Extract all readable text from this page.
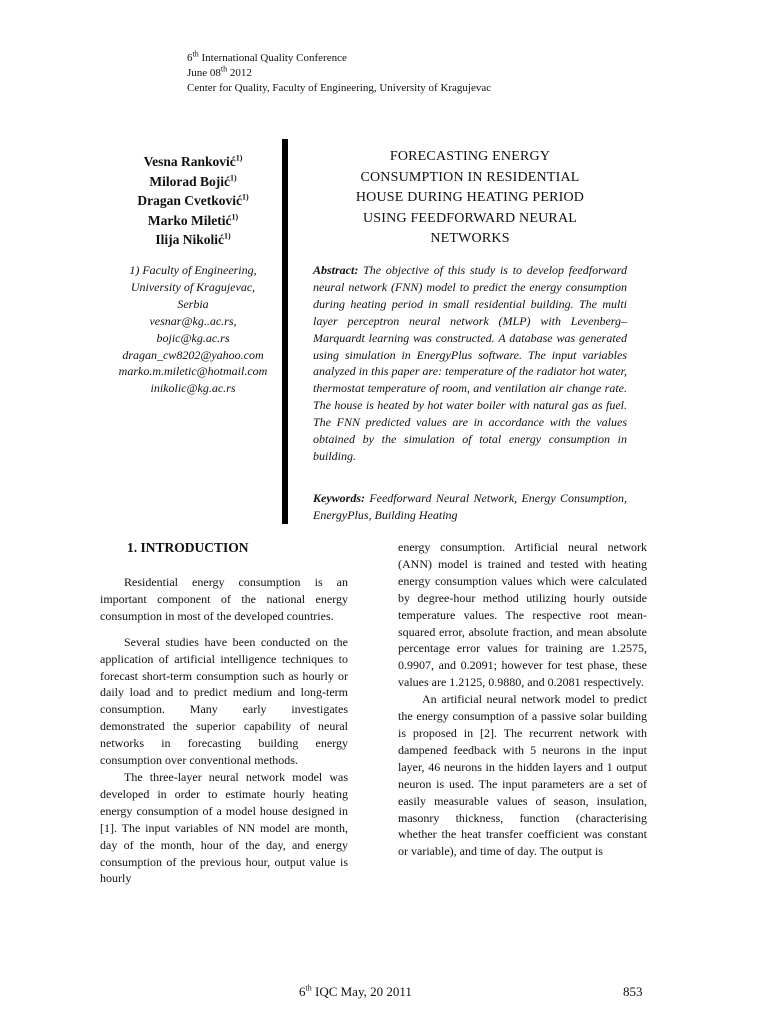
6th International Quality Conference
June 08th 2012
Center for Quality, Faculty of Engineering, University of Kragujevac
Vesna Ranković$^{1)}$
Milorad Bojić$^{1)}$
Dragan Cvetković$^{1)}$
Marko Miletić$^{1)}$
Ilija Nikolić$^{1)}$
1) Faculty of Engineering,
University of Kragujevac,
Serbia
vesnar@kg..ac.rs,
bojic@kg.ac.rs
dragan_cw8202@yahoo.com
marko.m.miletic@hotmail.com
inikolic@kg.ac.rs
FORECASTING ENERGY
CONSUMPTION IN RESIDENTIAL
HOUSE DURING HEATING PERIOD
USING FEEDFORWARD NEURAL
NETWORKS
Abstract: The objective of this study is to develop feedforward neural network (FNN) model to predict the energy consumption during heating period in small residential building. The multi layer perceptron neural network (MLP) with Levenberg–Marquardt learning was constructed. A database was generated using simulation in EnergyPlus software. The input variables analyzed in this paper are: temperature of the radiator hot water, thermostat temperature of room, and ventilation air change rate. The house is heated by hot water boiler with natural gas as fuel. The FNN predicted values are in accordance with the values obtained by the simulation of total energy consumption in building.
Keywords: Feedforward Neural Network, Energy Consumption, EnergyPlus, Building Heating
1. INTRODUCTION

Residential energy consumption is an important component of the national energy consumption in most of the developed countries.

Several studies have been conducted on the application of artificial intelligence techniques to forecast short-term consumption such as hourly or daily load and to predict medium and long-term consumption. Many early investigates demonstrated the superior capability of neural networks in forecasting building energy consumption over conventional methods.

The three-layer neural network model was developed in order to estimate hourly heating energy consumption of a model house designed in [1]. The input variables of NN model are month, day of the month, hour of the day, and energy consumption of the previous hour, output value is hourly

energy consumption. Artificial neural network (ANN) model is trained and tested with heating energy consumption values which were calculated by degree-hour method utilizing hourly outside temperature values. The respective root mean- squared error, absolute fraction, and mean absolute percentage error values for training are 1.2575, 0.9907, and 0.2091; however for test phase, these values are 1.2125, 0.9880, and 0.2081 respectively.

An artificial neural network model to predict the energy consumption of a passive solar building is proposed in [2]. The recurrent network with dampened feedback with 5 neurons in the input layer, 46 neurons in the hidden layers and 1 output neuron is used. The input parameters are a set of easily measurable values of season, insulation, masonry thickness, function (characterising whether the heat transfer coefficient was constant or variable), and time of day. The output is

6th IQC May, 20 2011	853
